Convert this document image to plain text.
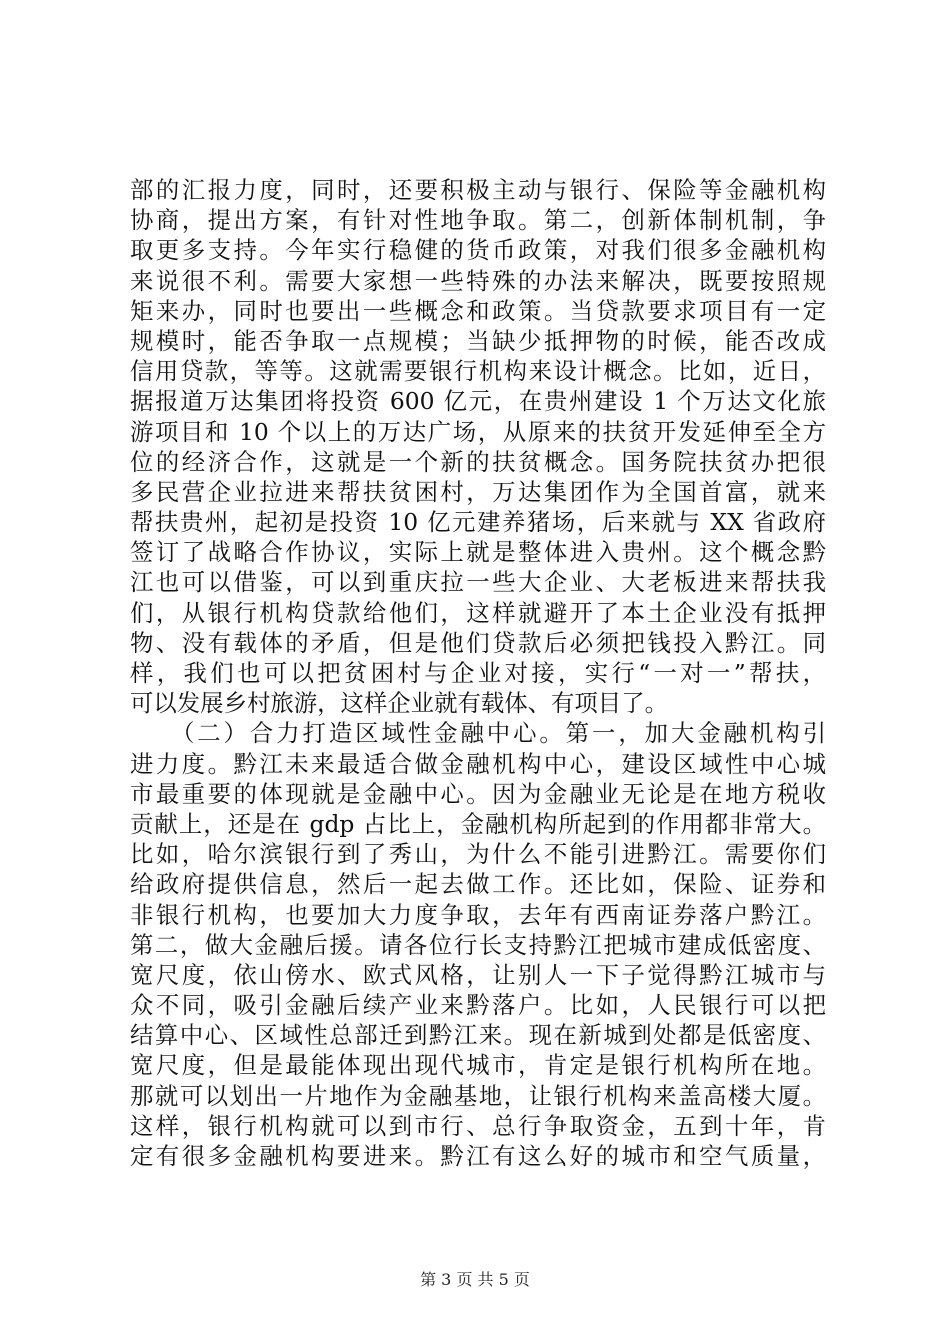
部的汇报力度，同时，还要积极主动与银行、保险等金融机构
协商，提出方案，有针对性地争取。第二，创新体制机制，争
取更多支持。今年实行稳健的货币政策，对我们很多金融机构
来说很不利。需要大家想一些特殊的办法来解决，既要按照规
矩来办，同时也要出一些概念和政策。当贷款要求项目有一定
规模时，能否争取一点规模；当缺少抵押物的时候，能否改成
信用贷款，等等。这就需要银行机构来设计概念。比如，近日，
据报道万达集团将投资 600 亿元，在贵州建设 1 个万达文化旅
游项目和 10 个以上的万达广场，从原来的扶贫开发延伸至全方
位的经济合作，这就是一个新的扶贫概念。国务院扶贫办把很
多民营企业拉进来帮扶贫困村，万达集团作为全国首富，就来
帮扶贵州，起初是投资 10 亿元建养猪场，后来就与 XX 省政府
签订了战略合作协议，实际上就是整体进入贵州。这个概念黔
江也可以借鉴，可以到重庆拉一些大企业、大老板进来帮扶我
们，从银行机构贷款给他们，这样就避开了本土企业没有抵押
物、没有载体的矛盾，但是他们贷款后必须把钱投入黔江。同
样，我们也可以把贫困村与企业对接，实行“一对一”帮扶，
可以发展乡村旅游，这样企业就有载体、有项目了。
　　（二）合力打造区域性金融中心。第一，加大金融机构引
进力度。黔江未来最适合做金融机构中心，建设区域性中心城
市最重要的体现就是金融中心。因为金融业无论是在地方税收
贡献上，还是在 gdp 占比上，金融机构所起到的作用都非常大。
比如，哈尔滨银行到了秀山，为什么不能引进黔江。需要你们
给政府提供信息，然后一起去做工作。还比如，保险、证券和
非银行机构，也要加大力度争取，去年有西南证券落户黔江。
第二，做大金融后援。请各位行长支持黔江把城市建成低密度、
宽尺度，依山傍水、欧式风格，让别人一下子觉得黔江城市与
众不同，吸引金融后续产业来黔落户。比如，人民银行可以把
结算中心、区域性总部迁到黔江来。现在新城到处都是低密度、
宽尺度，但是最能体现出现代城市，肯定是银行机构所在地。
那就可以划出一片地作为金融基地，让银行机构来盖高楼大厦。
这样，银行机构就可以到市行、总行争取资金，五到十年，肯
定有很多金融机构要进来。黔江有这么好的城市和空气质量，
第 3 页 共 5 页
